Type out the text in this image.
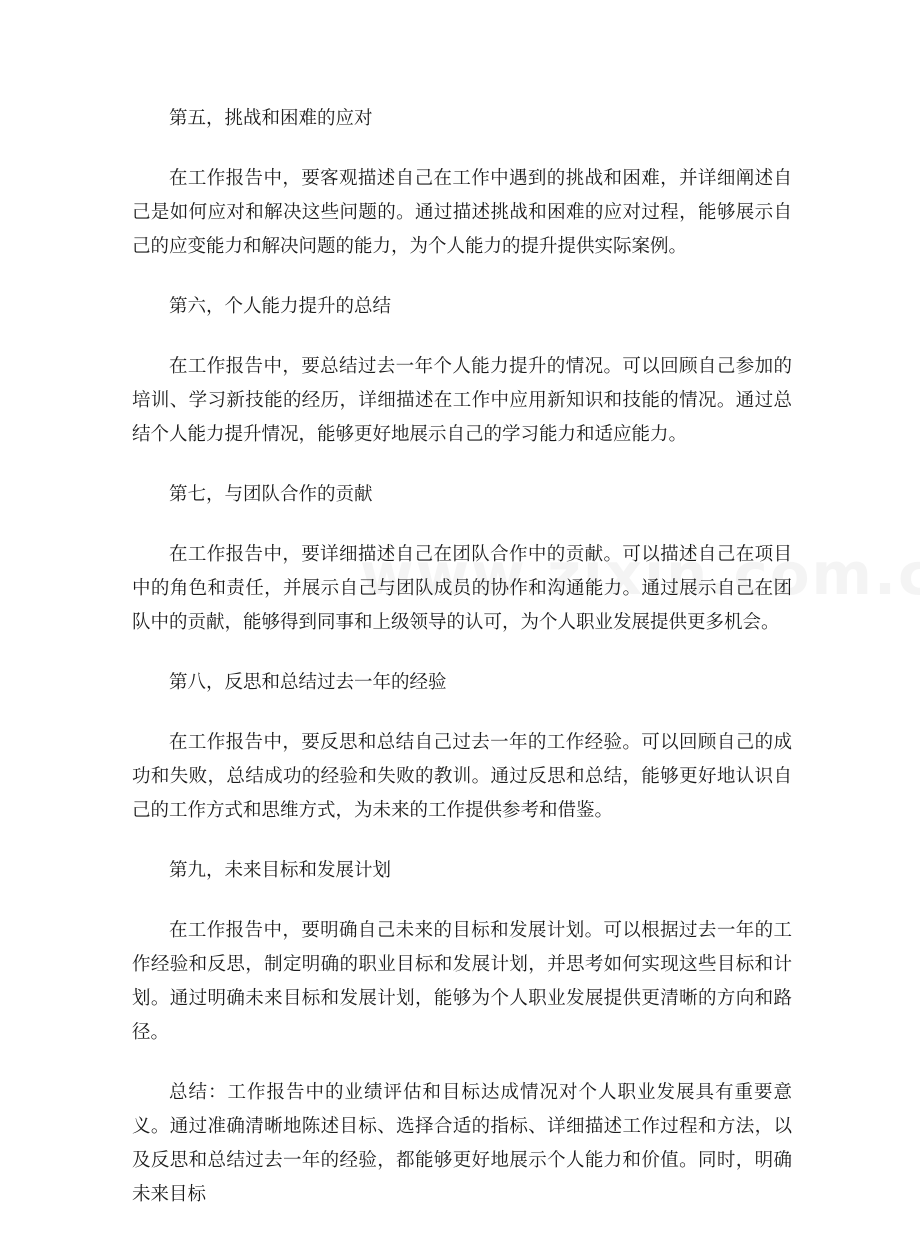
第五，挑战和困难的应对

在工作报告中，要客观描述自己在工作中遇到的挑战和困难，并详细阐述自己是如何应对和解决这些问题的。通过描述挑战和困难的应对过程，能够展示自己的应变能力和解决问题的能力，为个人能力的提升提供实际案例。

第六，个人能力提升的总结

在工作报告中，要总结过去一年个人能力提升的情况。可以回顾自己参加的培训、学习新技能的经历，详细描述在工作中应用新知识和技能的情况。通过总结个人能力提升情况，能够更好地展示自己的学习能力和适应能力。

第七，与团队合作的贡献

在工作报告中，要详细描述自己在团队合作中的贡献。可以描述自己在项目中的角色和责任，并展示自己与团队成员的协作和沟通能力。通过展示自己在团队中的贡献，能够得到同事和上级领导的认可，为个人职业发展提供更多机会。

第八，反思和总结过去一年的经验

在工作报告中，要反思和总结自己过去一年的工作经验。可以回顾自己的成功和失败，总结成功的经验和失败的教训。通过反思和总结，能够更好地认识自己的工作方式和思维方式，为未来的工作提供参考和借鉴。

第九，未来目标和发展计划

在工作报告中，要明确自己未来的目标和发展计划。可以根据过去一年的工作经验和反思，制定明确的职业目标和发展计划，并思考如何实现这些目标和计划。通过明确未来目标和发展计划，能够为个人职业发展提供更清晰的方向和路径。

总结：工作报告中的业绩评估和目标达成情况对个人职业发展具有重要意义。通过准确清晰地陈述目标、选择合适的指标、详细描述工作过程和方法，以及反思和总结过去一年的经验，都能够更好地展示个人能力和价值。同时，明确未来目标
